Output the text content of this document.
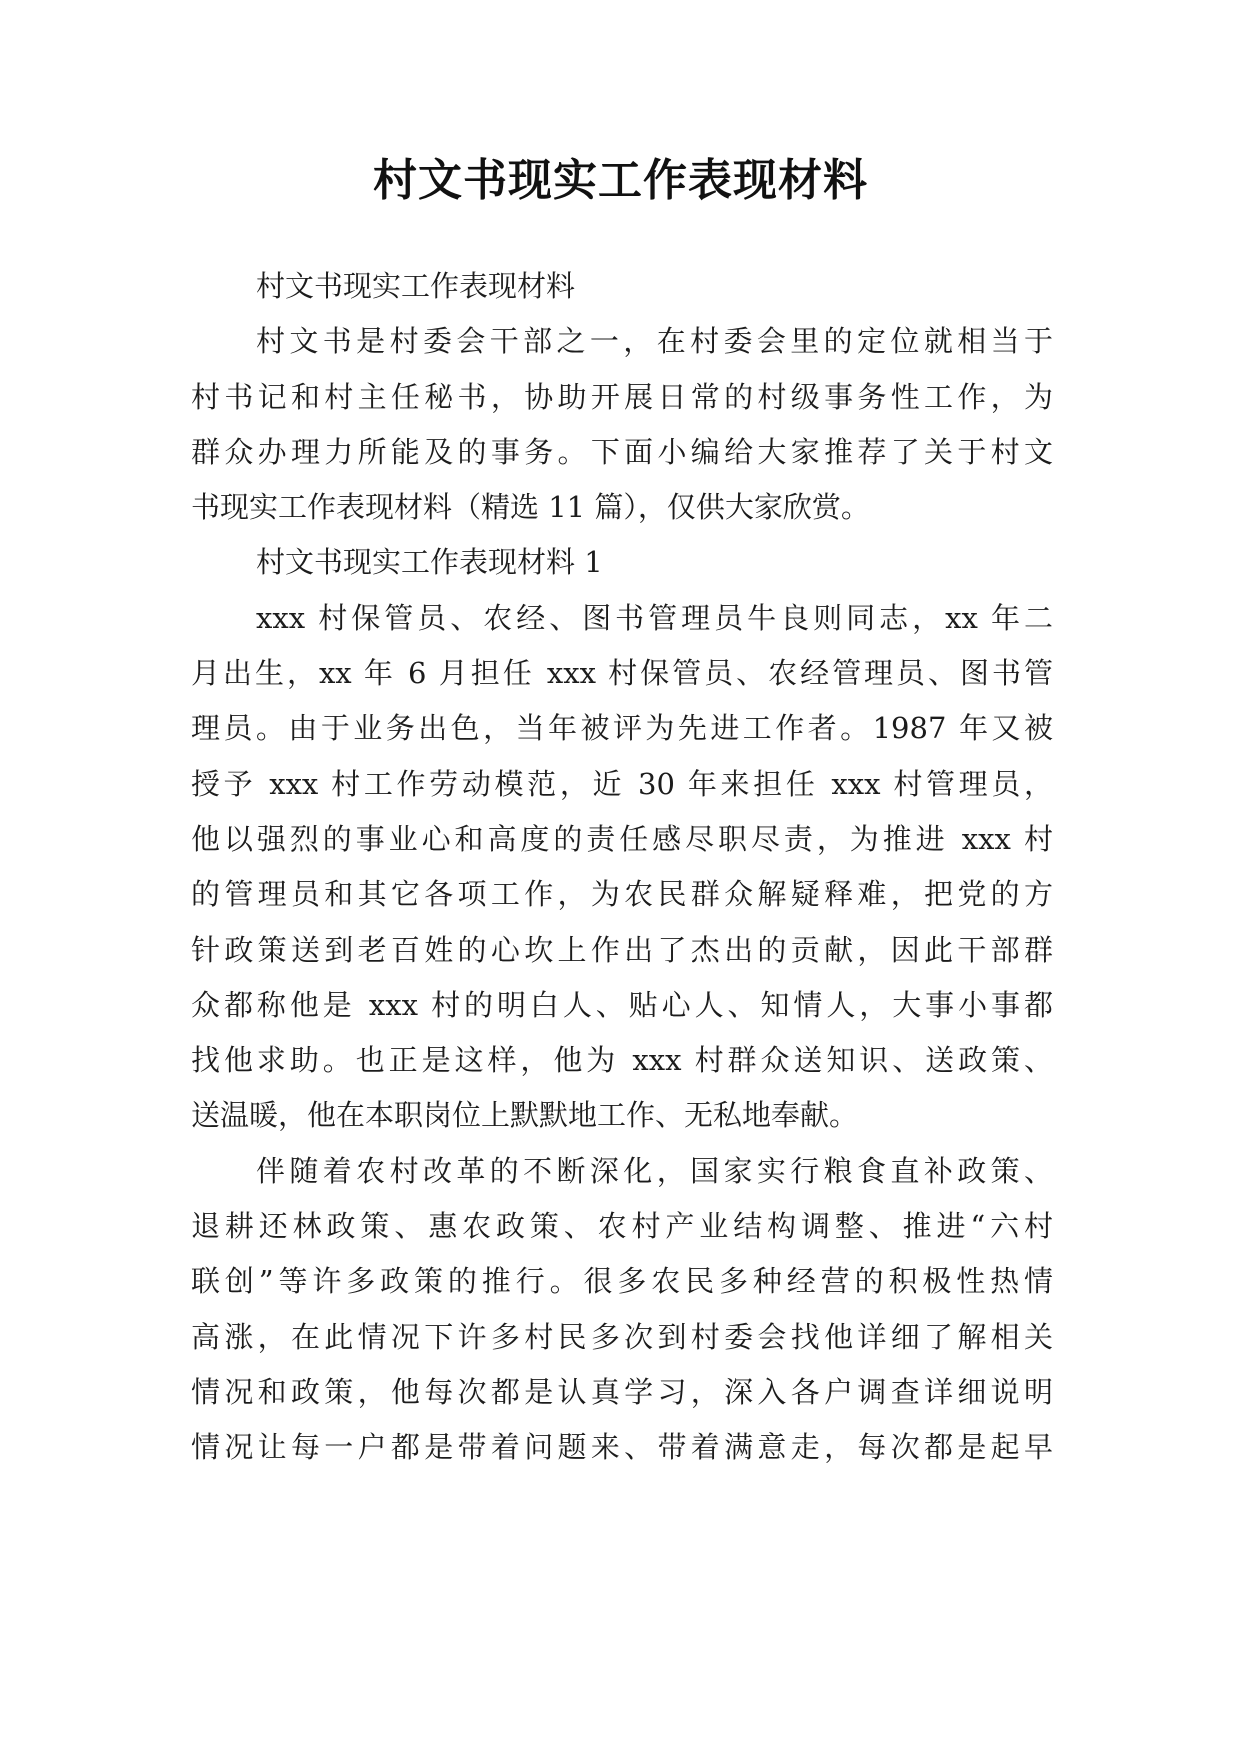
村文书现实工作表现材料
村文书现实工作表现材料
村文书是村委会干部之一，在村委会里的定位就相当于
村书记和村主任秘书，协助开展日常的村级事务性工作，为
群众办理力所能及的事务。下面小编给大家推荐了关于村文
书现实工作表现材料（精选 11 篇），仅供大家欣赏。
村文书现实工作表现材料 1
xxx 村保管员、农经、图书管理员牛良则同志，xx 年二
月出生，xx 年 6 月担任 xxx 村保管员、农经管理员、图书管
理员。由于业务出色，当年被评为先进工作者。1987 年又被
授予 xxx 村工作劳动模范，近 30 年来担任 xxx 村管理员，
他以强烈的事业心和高度的责任感尽职尽责，为推进 xxx 村
的管理员和其它各项工作，为农民群众解疑释难，把党的方
针政策送到老百姓的心坎上作出了杰出的贡献，因此干部群
众都称他是 xxx 村的明白人、贴心人、知情人，大事小事都
找他求助。也正是这样，他为 xxx 村群众送知识、送政策、
送温暖，他在本职岗位上默默地工作、无私地奉献。
伴随着农村改革的不断深化，国家实行粮食直补政策、
退耕还林政策、惠农政策、农村产业结构调整、推进“六村
联创”等许多政策的推行。很多农民多种经营的积极性热情
高涨，在此情况下许多村民多次到村委会找他详细了解相关
情况和政策，他每次都是认真学习，深入各户调查详细说明
情况让每一户都是带着问题来、带着满意走，每次都是起早
